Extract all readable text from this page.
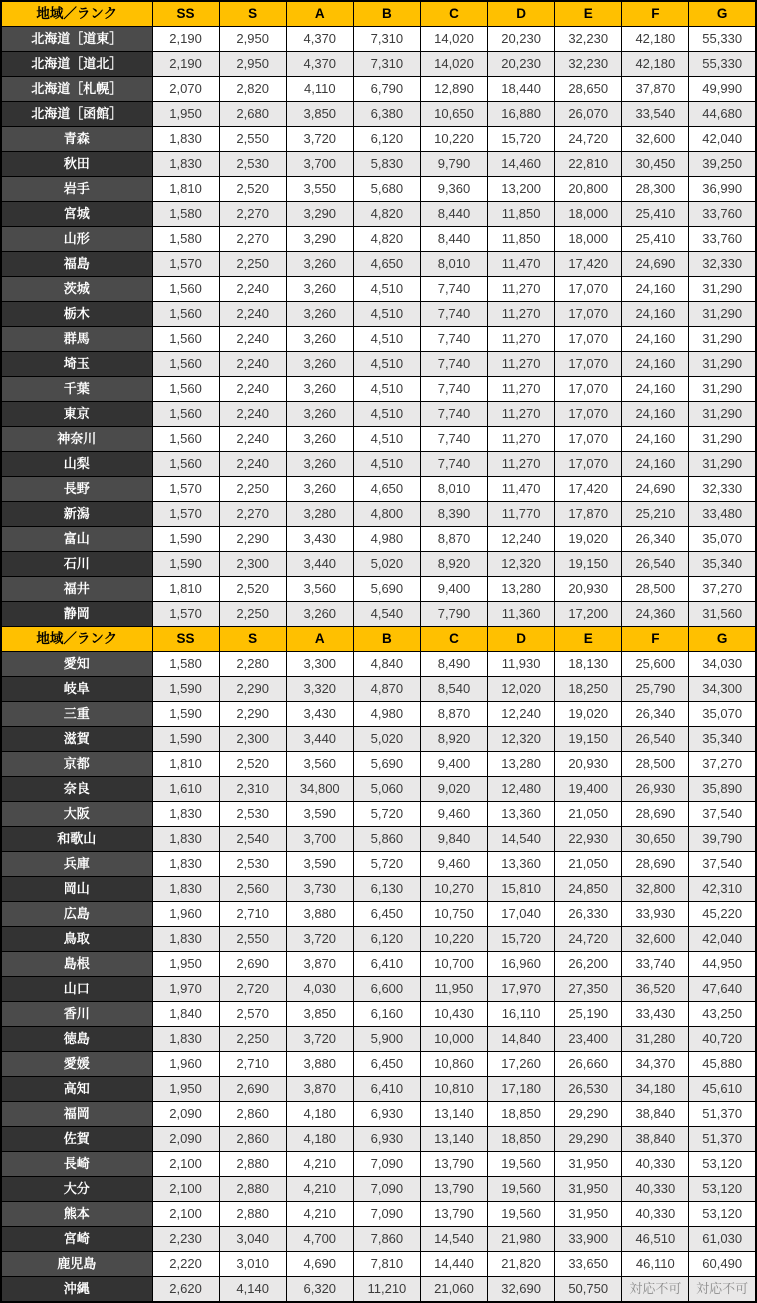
地域／ランク	SS	S	A	B	C	D	E	F	G
北海道［道東］	2,190	2,950	4,370	7,310	14,020	20,230	32,230	42,180	55,330
北海道［道北］	2,190	2,950	4,370	7,310	14,020	20,230	32,230	42,180	55,330
北海道［札幌］	2,070	2,820	4,110	6,790	12,890	18,440	28,650	37,870	49,990
北海道［函館］	1,950	2,680	3,850	6,380	10,650	16,880	26,070	33,540	44,680
青森	1,830	2,550	3,720	6,120	10,220	15,720	24,720	32,600	42,040
秋田	1,830	2,530	3,700	5,830	9,790	14,460	22,810	30,450	39,250
岩手	1,810	2,520	3,550	5,680	9,360	13,200	20,800	28,300	36,990
宮城	1,580	2,270	3,290	4,820	8,440	11,850	18,000	25,410	33,760
山形	1,580	2,270	3,290	4,820	8,440	11,850	18,000	25,410	33,760
福島	1,570	2,250	3,260	4,650	8,010	11,470	17,420	24,690	32,330
茨城	1,560	2,240	3,260	4,510	7,740	11,270	17,070	24,160	31,290
栃木	1,560	2,240	3,260	4,510	7,740	11,270	17,070	24,160	31,290
群馬	1,560	2,240	3,260	4,510	7,740	11,270	17,070	24,160	31,290
埼玉	1,560	2,240	3,260	4,510	7,740	11,270	17,070	24,160	31,290
千葉	1,560	2,240	3,260	4,510	7,740	11,270	17,070	24,160	31,290
東京	1,560	2,240	3,260	4,510	7,740	11,270	17,070	24,160	31,290
神奈川	1,560	2,240	3,260	4,510	7,740	11,270	17,070	24,160	31,290
山梨	1,560	2,240	3,260	4,510	7,740	11,270	17,070	24,160	31,290
長野	1,570	2,250	3,260	4,650	8,010	11,470	17,420	24,690	32,330
新潟	1,570	2,270	3,280	4,800	8,390	11,770	17,870	25,210	33,480
富山	1,590	2,290	3,430	4,980	8,870	12,240	19,020	26,340	35,070
石川	1,590	2,300	3,440	5,020	8,920	12,320	19,150	26,540	35,340
福井	1,810	2,520	3,560	5,690	9,400	13,280	20,930	28,500	37,270
静岡	1,570	2,250	3,260	4,540	7,790	11,360	17,200	24,360	31,560
地域／ランク	SS	S	A	B	C	D	E	F	G
愛知	1,580	2,280	3,300	4,840	8,490	11,930	18,130	25,600	34,030
岐阜	1,590	2,290	3,320	4,870	8,540	12,020	18,250	25,790	34,300
三重	1,590	2,290	3,430	4,980	8,870	12,240	19,020	26,340	35,070
滋賀	1,590	2,300	3,440	5,020	8,920	12,320	19,150	26,540	35,340
京都	1,810	2,520	3,560	5,690	9,400	13,280	20,930	28,500	37,270
奈良	1,610	2,310	34,800	5,060	9,020	12,480	19,400	26,930	35,890
大阪	1,830	2,530	3,590	5,720	9,460	13,360	21,050	28,690	37,540
和歌山	1,830	2,540	3,700	5,860	9,840	14,540	22,930	30,650	39,790
兵庫	1,830	2,530	3,590	5,720	9,460	13,360	21,050	28,690	37,540
岡山	1,830	2,560	3,730	6,130	10,270	15,810	24,850	32,800	42,310
広島	1,960	2,710	3,880	6,450	10,750	17,040	26,330	33,930	45,220
鳥取	1,830	2,550	3,720	6,120	10,220	15,720	24,720	32,600	42,040
島根	1,950	2,690	3,870	6,410	10,700	16,960	26,200	33,740	44,950
山口	1,970	2,720	4,030	6,600	11,950	17,970	27,350	36,520	47,640
香川	1,840	2,570	3,850	6,160	10,430	16,110	25,190	33,430	43,250
徳島	1,830	2,250	3,720	5,900	10,000	14,840	23,400	31,280	40,720
愛媛	1,960	2,710	3,880	6,450	10,860	17,260	26,660	34,370	45,880
高知	1,950	2,690	3,870	6,410	10,810	17,180	26,530	34,180	45,610
福岡	2,090	2,860	4,180	6,930	13,140	18,850	29,290	38,840	51,370
佐賀	2,090	2,860	4,180	6,930	13,140	18,850	29,290	38,840	51,370
長崎	2,100	2,880	4,210	7,090	13,790	19,560	31,950	40,330	53,120
大分	2,100	2,880	4,210	7,090	13,790	19,560	31,950	40,330	53,120
熊本	2,100	2,880	4,210	7,090	13,790	19,560	31,950	40,330	53,120
宮崎	2,230	3,040	4,700	7,860	14,540	21,980	33,900	46,510	61,030
鹿児島	2,220	3,010	4,690	7,810	14,440	21,820	33,650	46,110	60,490
沖縄	2,620	4,140	6,320	11,210	21,060	32,690	50,750	対応不可	対応不可
